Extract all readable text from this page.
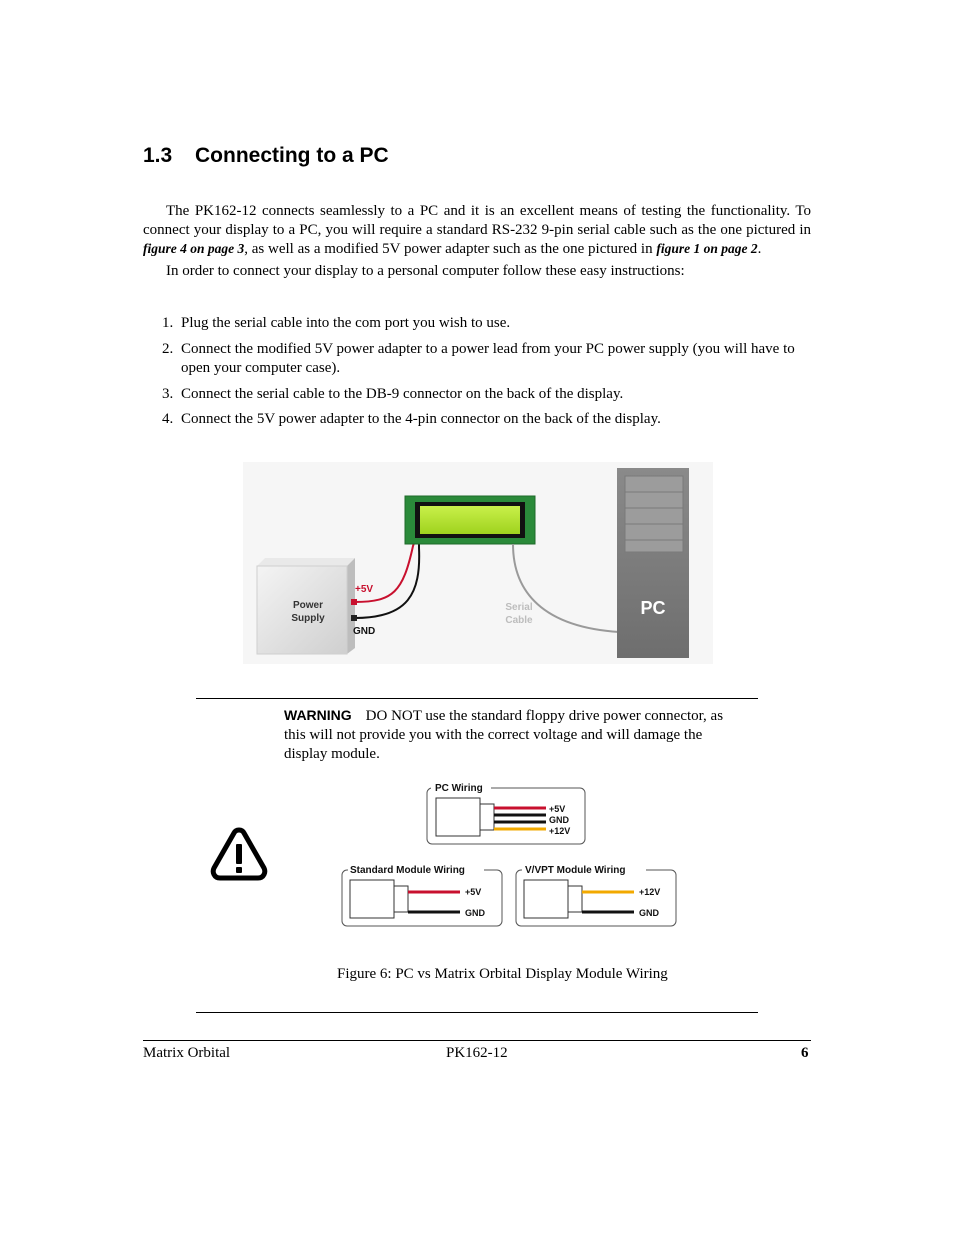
1.3 Connecting to a PC
The PK162-12 connects seamlessly to a PC and it is an excellent means of testing the functionality. To connect your display to a PC, you will require a standard RS-232 9-pin serial cable such as the one pictured in figure 4 on page 3, as well as a modified 5V power adapter such as the one pictured in figure 1 on page 2.
In order to connect your display to a personal computer follow these easy instructions:
1. Plug the serial cable into the com port you wish to use.
2. Connect the modified 5V power adapter to a power lead from your PC power supply (you will have to open your computer case).
3. Connect the serial cable to the DB-9 connector on the back of the display.
4. Connect the 5V power adapter to the 4-pin connector on the back of the display.
Power
Supply
+5V
GND
Serial
Cable
PC
WARNING DO NOT use the standard floppy drive power connector, as this will not provide you with the correct voltage and will damage the display module.
PC Wiring
+5V
GND
+12V
Standard Module Wiring
+5V
GND
V/VPT Module Wiring
+12V
GND
Figure 6: PC vs Matrix Orbital Display Module Wiring
Matrix Orbital	PK162-12	6
